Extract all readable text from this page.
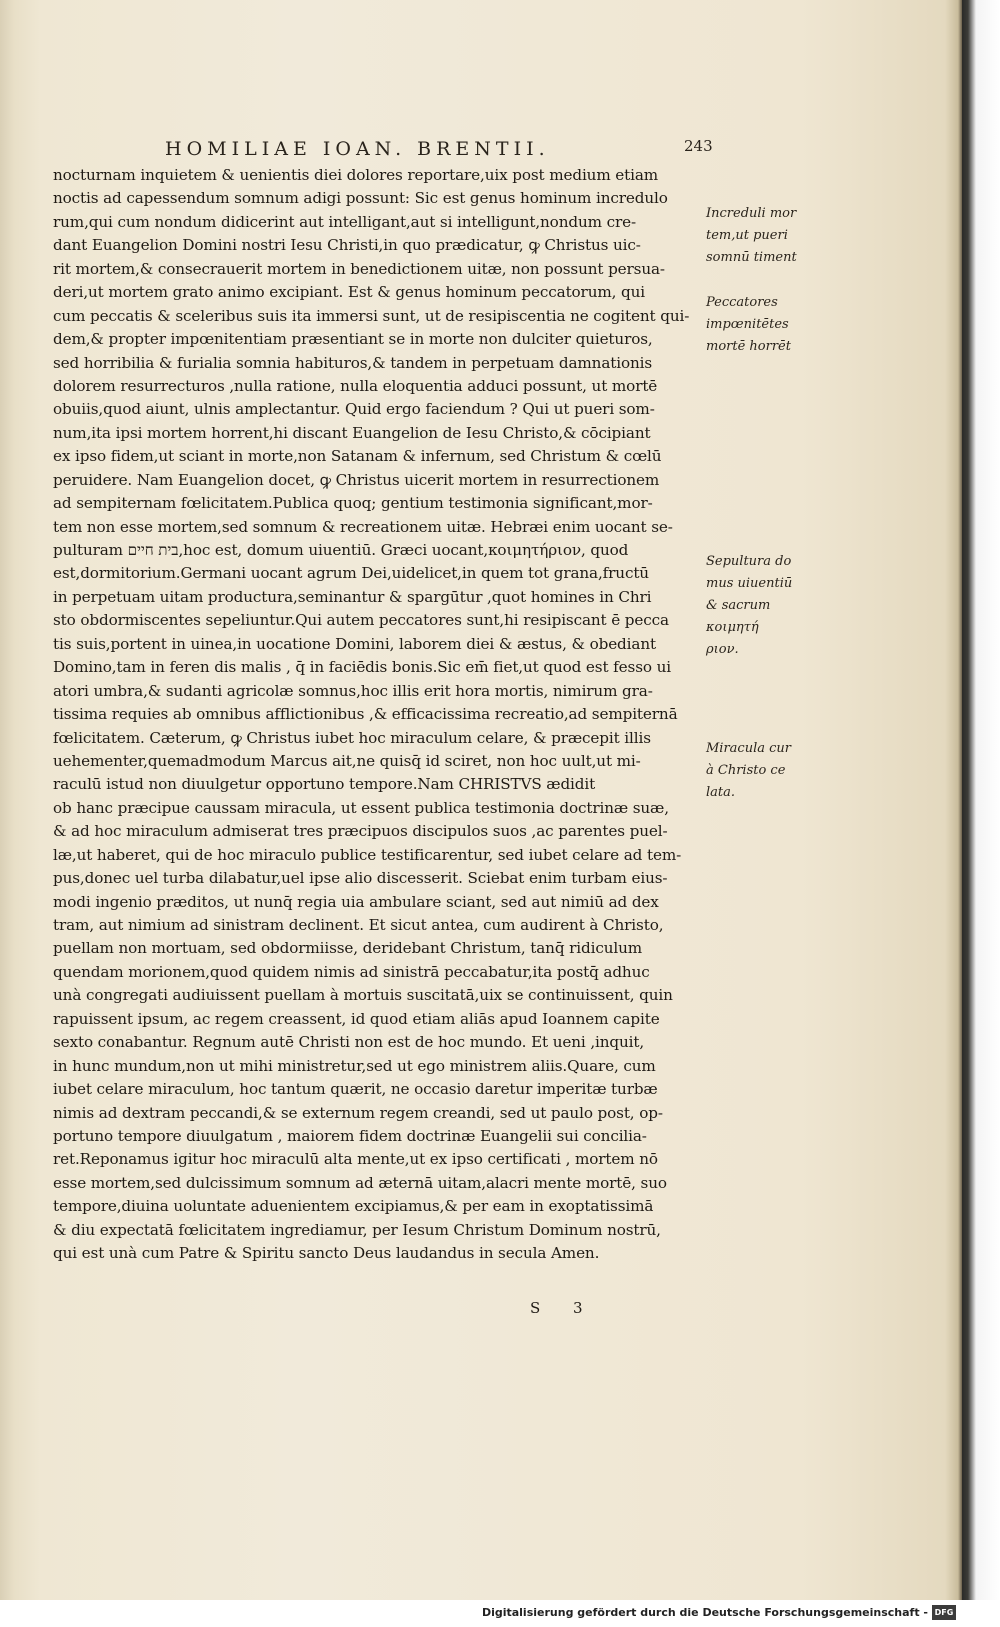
HOMILIAE IOAN. BRENTII.	243
nocturnam inquietem & uenientis diei dolores reportare,uix post medium etiam
noctis ad capessendum somnum adigi possunt: Sic est genus hominum incredulo
rum,qui cum nondum didicerint aut intelligant,aut si intelligunt,nondum cre-
dant Euangelion Domini nostri Iesu Christi,in quo prædicatur, ꝙ Christus uic-
rit mortem,& consecrauerit mortem in benedictionem uitæ, non possunt persua-
deri,ut mortem grato animo excipiant. Est & genus hominum peccatorum, qui
cum peccatis & sceleribus suis ita immersi sunt, ut de resipiscentia ne cogitent qui-
dem,& propter impœnitentiam præsentiant se in morte non dulciter quieturos,
sed horribilia & furialia somnia habituros,& tandem in perpetuam damnationis
dolorem resurrecturos ,nulla ratione, nulla eloquentia adduci possunt, ut mortē
obuiis,quod aiunt, ulnis amplectantur. Quid ergo faciendum ? Qui ut pueri som-
num,ita ipsi mortem horrent,hi discant Euangelion de Iesu Christo,& cōcipiant
ex ipso fidem,ut sciant in morte,non Satanam & infernum, sed Christum & cœlū
peruidere. Nam Euangelion docet, ꝙ Christus uicerit mortem in resurrectionem
ad sempiternam fœlicitatem.Publica quoq; gentium testimonia significant,mor-
tem non esse mortem,sed somnum & recreationem uitæ. Hebræi enim uocant se-
pulturam בית חיים,hoc est, domum uiuentiū. Græci uocant,κοιμητήριον, quod
est,dormitorium.Germani uocant agrum Dei,uidelicet,in quem tot grana,fructū
in perpetuam uitam productura,seminantur & spargūtur ,quot homines in Chri
sto obdormiscentes sepeliuntur.Qui autem peccatores sunt,hi resipiscant ē pecca
tis suis,portent in uinea,in uocatione Domini, laborem diei & æstus, & obediant
Domino,tam in feren dis malis , q̄ in faciēdis bonis.Sic em̄ fiet,ut quod est fesso ui
atori umbra,& sudanti agricolæ somnus,hoc illis erit hora mortis, nimirum gra-
tissima requies ab omnibus afflictionibus ,& efficacissima recreatio,ad sempiternā
fœlicitatem. Cæterum, ꝙ Christus iubet hoc miraculum celare, & præcepit illis
uehementer,quemadmodum Marcus ait,ne quisq̄ id sciret, non hoc uult,ut mi-
raculū istud non diuulgetur opportuno tempore.Nam CHRISTVS ædidit
ob hanc præcipue caussam miracula, ut essent publica testimonia doctrinæ suæ,
& ad hoc miraculum admiserat tres præcipuos discipulos suos ,ac parentes puel-
læ,ut haberet, qui de hoc miraculo publice testificarentur, sed iubet celare ad tem-
pus,donec uel turba dilabatur,uel ipse alio discesserit. Sciebat enim turbam eius-
modi ingenio præditos, ut nunq̄ regia uia ambulare sciant, sed aut nimiū ad dex
tram, aut nimium ad sinistram declinent. Et sicut antea, cum audirent à Christo,
puellam non mortuam, sed obdormiisse, deridebant Christum, tanq̄ ridiculum
quendam morionem,quod quidem nimis ad sinistrā peccabatur,ita postq̄ adhuc
unà congregati audiuissent puellam à mortuis suscitatā,uix se continuissent, quin
rapuissent ipsum, ac regem creassent, id quod etiam aliās apud Ioannem capite
sexto conabantur. Regnum autē Christi non est de hoc mundo. Et ueni ,inquit,
in hunc mundum,non ut mihi ministretur,sed ut ego ministrem aliis.Quare, cum
iubet celare miraculum, hoc tantum quærit, ne occasio daretur imperitæ turbæ
nimis ad dextram peccandi,& se externum regem creandi, sed ut paulo post, op-
portuno tempore diuulgatum , maiorem fidem doctrinæ Euangelii sui concilia-
ret.Reponamus igitur hoc miraculū alta mente,ut ex ipso certificati , mortem nō
esse mortem,sed dulcissimum somnum ad æternā uitam,alacri mente mortē, suo
tempore,diuina uoluntate aduenientem excipiamus,& per eam in exoptatissimā
& diu expectatā fœlicitatem ingrediamur, per Iesum Christum Dominum nostrū,
qui est unà cum Patre & Spiritu sancto Deus laudandus in secula Amen.
Increduli mor
tem,ut pueri
somnū timent
Peccatores
impœnitētes
mortē horrēt
Sepultura do
mus uiuentiū
& sacrum
κοιμητή
ριον.
Miracula cur
à Christo ce
lata.
S 3
Digitalisierung gefördert durch die Deutsche Forschungsgemeinschaft - DFG
